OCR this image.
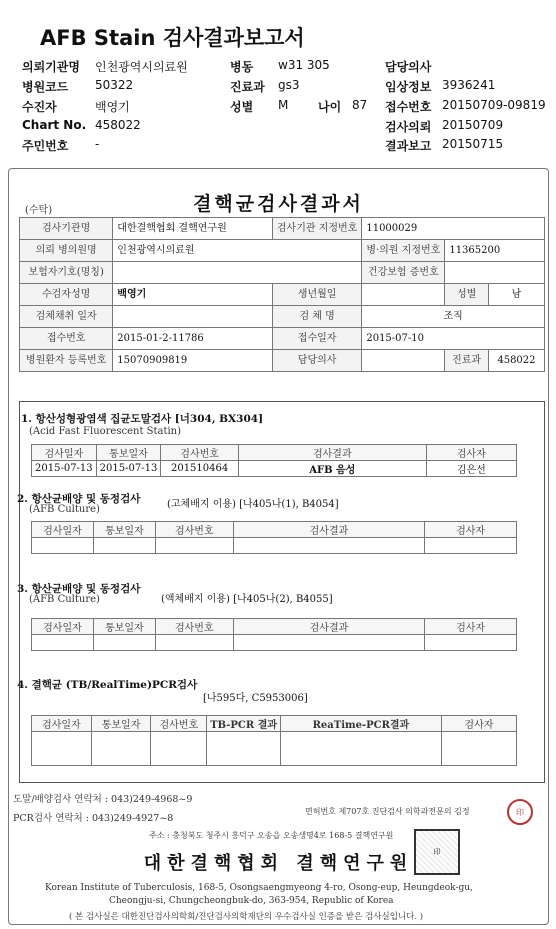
AFB Stain 검사결과보고서
의뢰기관명 인천광역시의료원	병동 w31 305	담당의사
병원코드 50322	진료과 gs3	임상정보 3936241
수진자	백영기	성별 M 나이 87 접수번호 20150709-09819
Chart No. 458022	검사의뢰 20150709
주민번호 -	결과보고 20150715
결핵균검사결과서
(수탁)
검사기관명	대한결핵협회 결핵연구원	검사기관 지정번호	11000029		
의뢰 병의원명	인천광역시의료원		병·의원 지정번호	11365200	
보험자기호(명칭)			건강보험 증번호		
수검자성명	백영기	생년월일		성별	남
검체채취 일자		검 체 명	조직		
접수번호	2015-01-2-11786	접수일자	2015-07-10		
병원환자 등록번호	15070909819	담당의사		진료과	458022
1. 항산성형광염색 집균도말검사 [너304, BX304]
(Acid Fast Fluorescent Statin)
검사일자	통보일자	검사번호	검사결과	검사자
2015-07-13	2015-07-13	201510464	AFB 음성	김은선
2. 항산균배양 및 동정검사
(AFB Culture)	(고체배지 이용) [나405나(1), B4054]
검사일자	통보일자	검사번호	검사결과	검사자

3. 항산균배양 및 동정검사
(AFB Culture)	(액체배지 이용) [나405나(2), B4055]
검사일자	통보일자	검사번호	검사결과	검사자

4. 결핵균 (TB/RealTime)PCR검사
[나595다, C5953006]
검사일자	통보일자	검사번호	TB-PCR 결과	ReaTime-PCR결과	검사자

도말/배양검사 연락처 : 043)249-4968~9
PCR검사 연락처 : 043)249-4927~8
면허번호 제707호 진단검사 의학과전문의 김정	印
주소 : 충청북도 청주시 흥덕구 오송읍 오송생명4로 168-5 결핵연구원
대한결핵협회 결핵연구원
印
Korean Institute of Tuberculosis, 168-5, Osongsaengmyeong 4-ro, Osong-eup, Heungdeok-gu,
Cheongju-si, Chungcheongbuk-do, 363-954, Republic of Korea
( 본 검사실은 대한진단검사의학회/진단검사의학재단의 우수검사실 인증을 받은 검사실입니다. )
